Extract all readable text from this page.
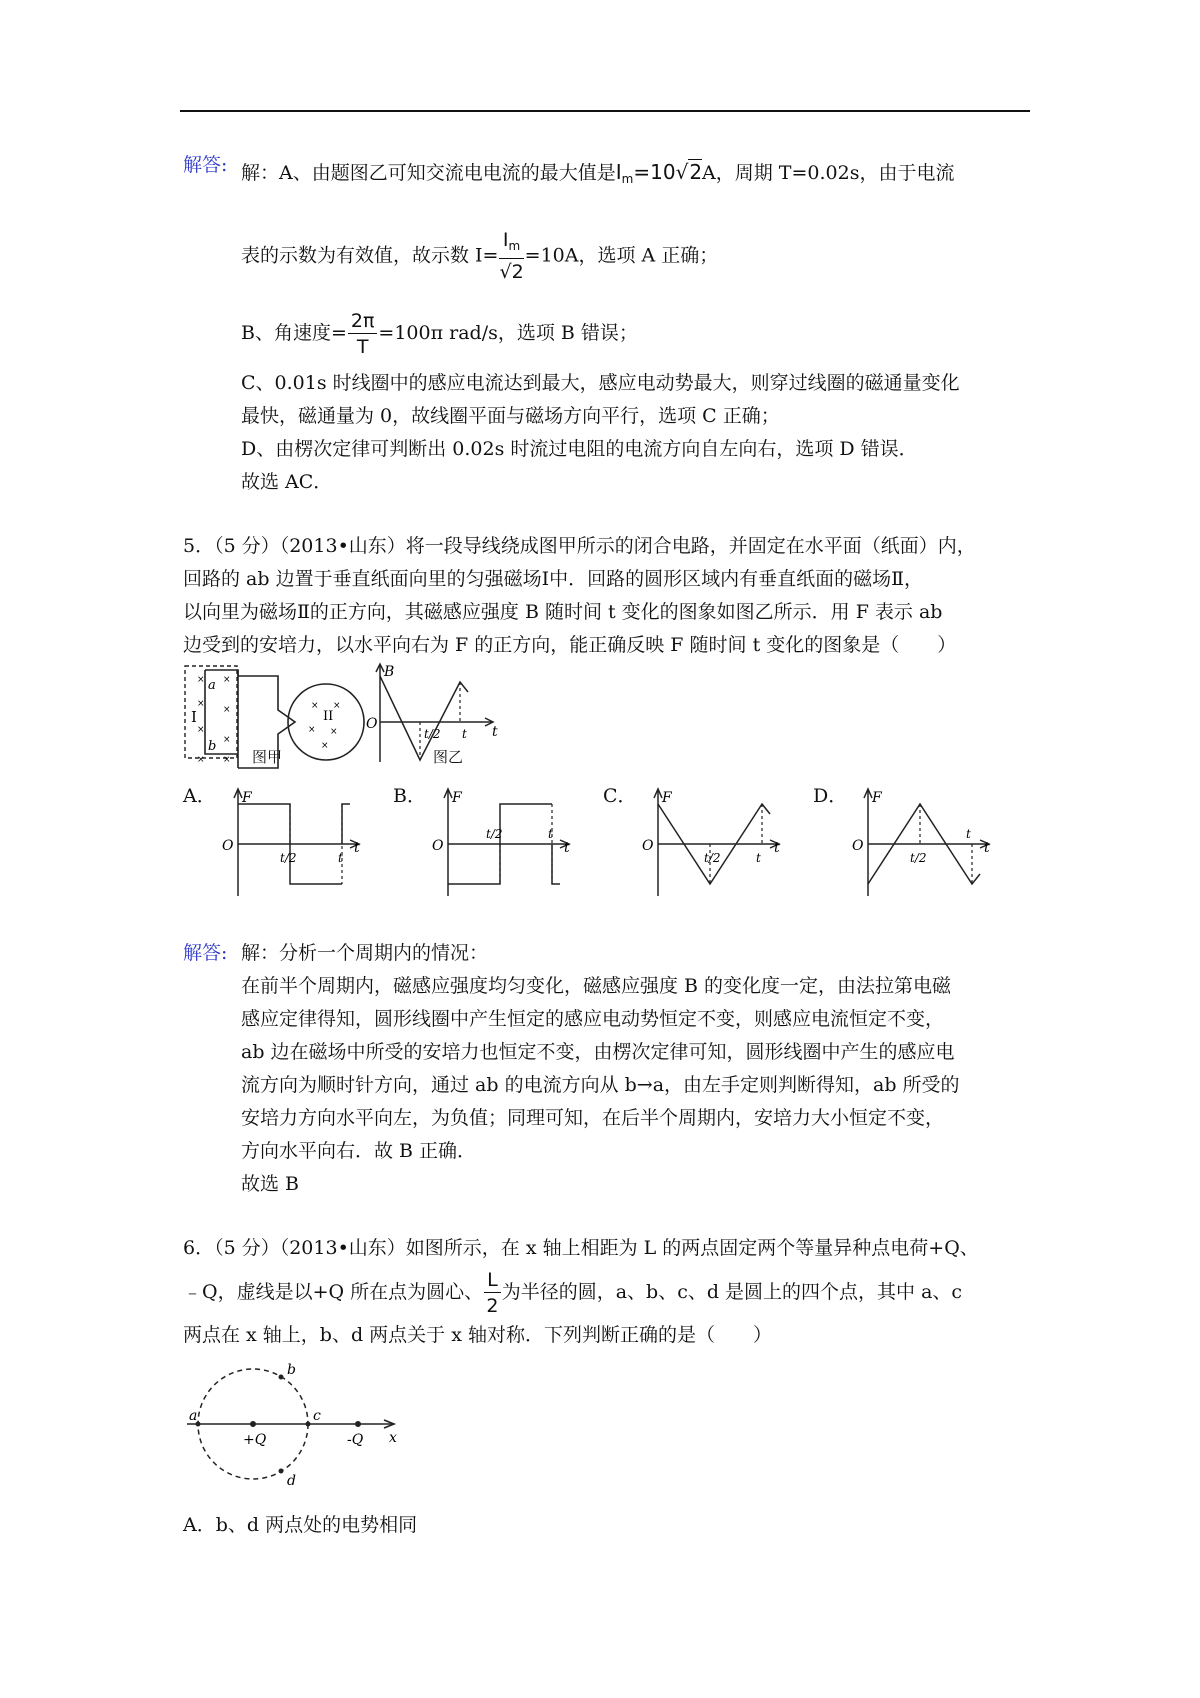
解答: 解：A、由题图乙可知交流电电流的最大值是$I_m=10√2A$，周期 T=0.02s，由于电流
表的示数为有效值，故示数 $I= \frac{I_m}{√2} =10A$，选项 A 正确；
B、角速度= $\frac{2\pi}{T} =100\pi$ rad/s，选项 B 错误；
C、0.01s 时线圈中的感应电流达到最大，感应电动势最大，则穿过线圈的磁通量变化
最快，磁通量为 0，故线圈平面与磁场方向平行，选项 C 正确；
D、由楞次定律可判断出 0.02s 时流过电阻的电流方向自左向右，选项 D 错误．
故选 AC．
5．（5 分）（2013•山东）将一段导线绕成图甲所示的闭合电路，并固定在水平面（纸面）内，
回路的 ab 边置于垂直纸面向里的匀强磁场Ⅰ中．回路的圆形区域内有垂直纸面的磁场Ⅱ，
以向里为磁场Ⅱ的正方向，其磁感应强度 B 随时间 t 变化的图象如图乙所示．用 F 表示 ab
边受到的安培力，以水平向右为 F 的正方向，能正确反映 F 随时间 t 变化的图象是（　　）
×
×
×
×
×
×
×
×
× ×
× ×
×
I	II
a
b
图甲
B
O	t
t/2 t
图乙
A．	B．	C．	D．
F
O	t
t/2	t
F
O	t
t/2	t
F
O	t
t/2	t
F
O	t
t/2
t
解答: 解：分析一个周期内的情况：
在前半个周期内，磁感应强度均匀变化，磁感应强度 B 的变化度一定，由法拉第电磁
感应定律得知，圆形线圈中产生恒定的感应电动势恒定不变，则感应电流恒定不变，
ab 边在磁场中所受的安培力也恒定不变，由楞次定律可知，圆形线圈中产生的感应电
流方向为顺时针方向，通过 ab 的电流方向从 b→a，由左手定则判断得知，ab 所受的
安培力方向水平向左，为负值；同理可知，在后半个周期内，安培力大小恒定不变，
方向水平向右．故 B 正确．
故选 B
6．（5 分）（2013•山东）如图所示，在 x 轴上相距为 L 的两点固定两个等量异种点电荷+Q、
﹣Q，虚线是以+Q 所在点为圆心、 $\frac{L}{2}$ 为半径的圆，a、b、c、d 是圆上的四个点，其中 a、c
两点在 x 轴上，b、d 两点关于 x 轴对称．下列判断正确的是（　　）
a
b
c
d
+Q	-Q x
A．b、d 两点处的电势相同
